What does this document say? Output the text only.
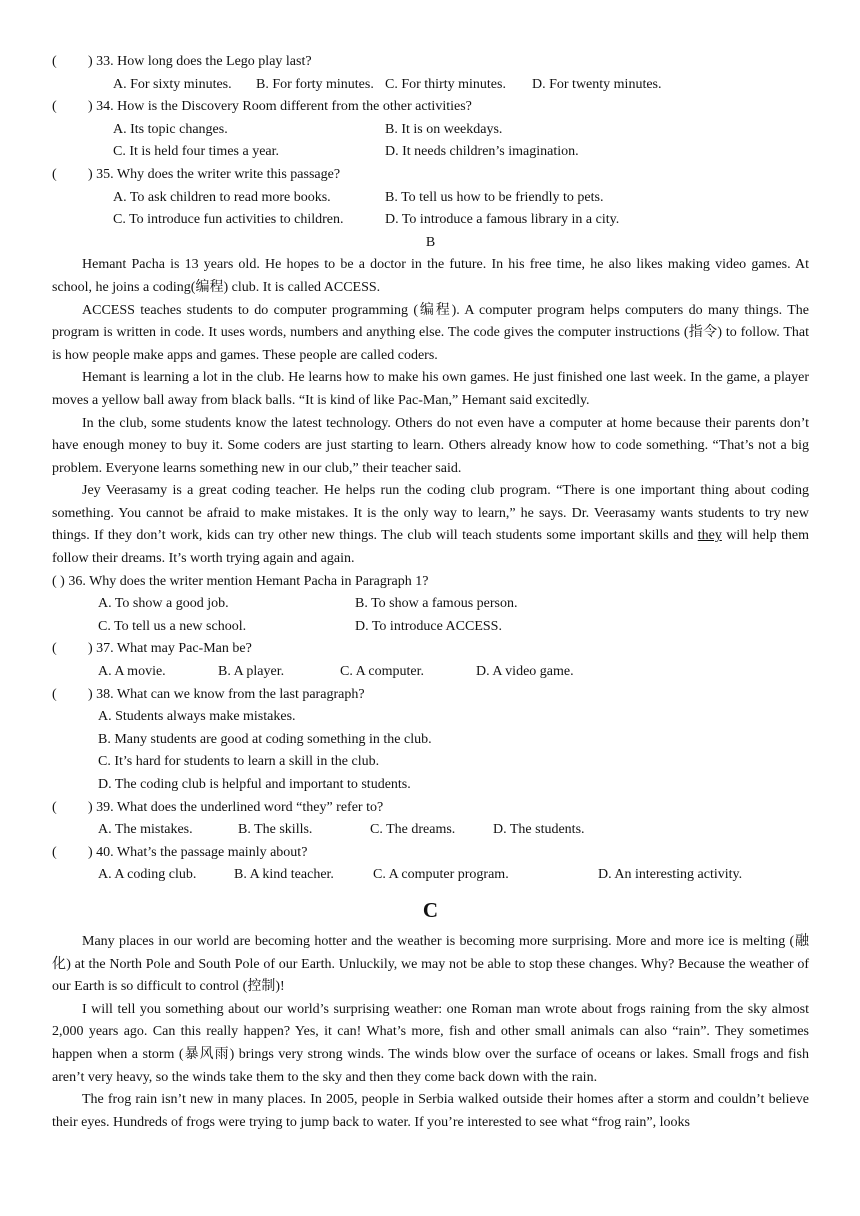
(	) 33. How long does the Lego play last?
A. For sixty minutes.	B. For forty minutes. C. For thirty minutes.	D. For twenty minutes.
(	) 34. How is the Discovery Room different from the other activities?
A. Its topic changes.	B. It is on weekdays.
C. It is held four times a year.	D. It needs children’s imagination.
(	) 35. Why does the writer write this passage?
A. To ask children to read more books.	B. To tell us how to be friendly to pets.
C. To introduce fun activities to children.	D. To introduce a famous library in a city.
B

Hemant Pacha is 13 years old. He hopes to be a doctor in the future. In his free time, he also likes making video games. At school, he joins a coding(编程) club. It is called ACCESS.

ACCESS teaches students to do computer programming (编程). A computer program helps computers do many things. The program is written in code. It uses words, numbers and anything else. The code gives the computer instructions (指令) to follow. That is how people make apps and games. These people are called coders.

Hemant is learning a lot in the club. He learns how to make his own games. He just finished one last week. In the game, a player moves a yellow ball away from black balls. “It is kind of like Pac-Man,” Hemant said excitedly.

In the club, some students know the latest technology. Others do not even have a computer at home because their parents don’t have enough money to buy it. Some coders are just starting to learn. Others already know how to code something. “That’s not a big problem. Everyone learns something new in our club,” their teacher said.

Jey Veerasamy is a great coding teacher. He helps run the coding club program. “There is one important thing about coding something. You cannot be afraid to make mistakes. It is the only way to learn,” he says. Dr. Veerasamy wants students to try new things. If they don’t work, kids can try other new things. The club will teach students some important skills and they will help them follow their dreams. It’s worth trying again and again.

( ) 36. Why does the writer mention Hemant Pacha in Paragraph 1?
A. To show a good job.	B. To show a famous person.
C. To tell us a new school.	D. To introduce ACCESS.
(	) 37. What may Pac-Man be?
A. A movie.	B. A player.	C. A computer.	D. A video game.
(	) 38. What can we know from the last paragraph?
A. Students always make mistakes.
B. Many students are good at coding something in the club.
C. It’s hard for students to learn a skill in the club.
D. The coding club is helpful and important to students.
(	) 39. What does the underlined word “they” refer to?
A. The mistakes.	B. The skills.	C. The dreams.	D. The students.
(	) 40. What’s the passage mainly about?
A. A coding club.	B. A kind teacher.	C. A computer program.	D. An interesting activity.
C

Many places in our world are becoming hotter and the weather is becoming more surprising. More and more ice is melting (融化) at the North Pole and South Pole of our Earth. Unluckily, we may not be able to stop these changes. Why? Because the weather of our Earth is so difficult to control (控制)!

I will tell you something about our world’s surprising weather: one Roman man wrote about frogs raining from the sky almost 2,000 years ago. Can this really happen? Yes, it can! What’s more, fish and other small animals can also “rain”. They sometimes happen when a storm (暴风雨) brings very strong winds. The winds blow over the surface of oceans or lakes. Small frogs and fish aren’t very heavy, so the winds take them to the sky and then they come back down with the rain.

The frog rain isn’t new in many places. In 2005, people in Serbia walked outside their homes after a storm and couldn’t believe their eyes. Hundreds of frogs were trying to jump back to water. If you’re interested to see what “frog rain”, looks
